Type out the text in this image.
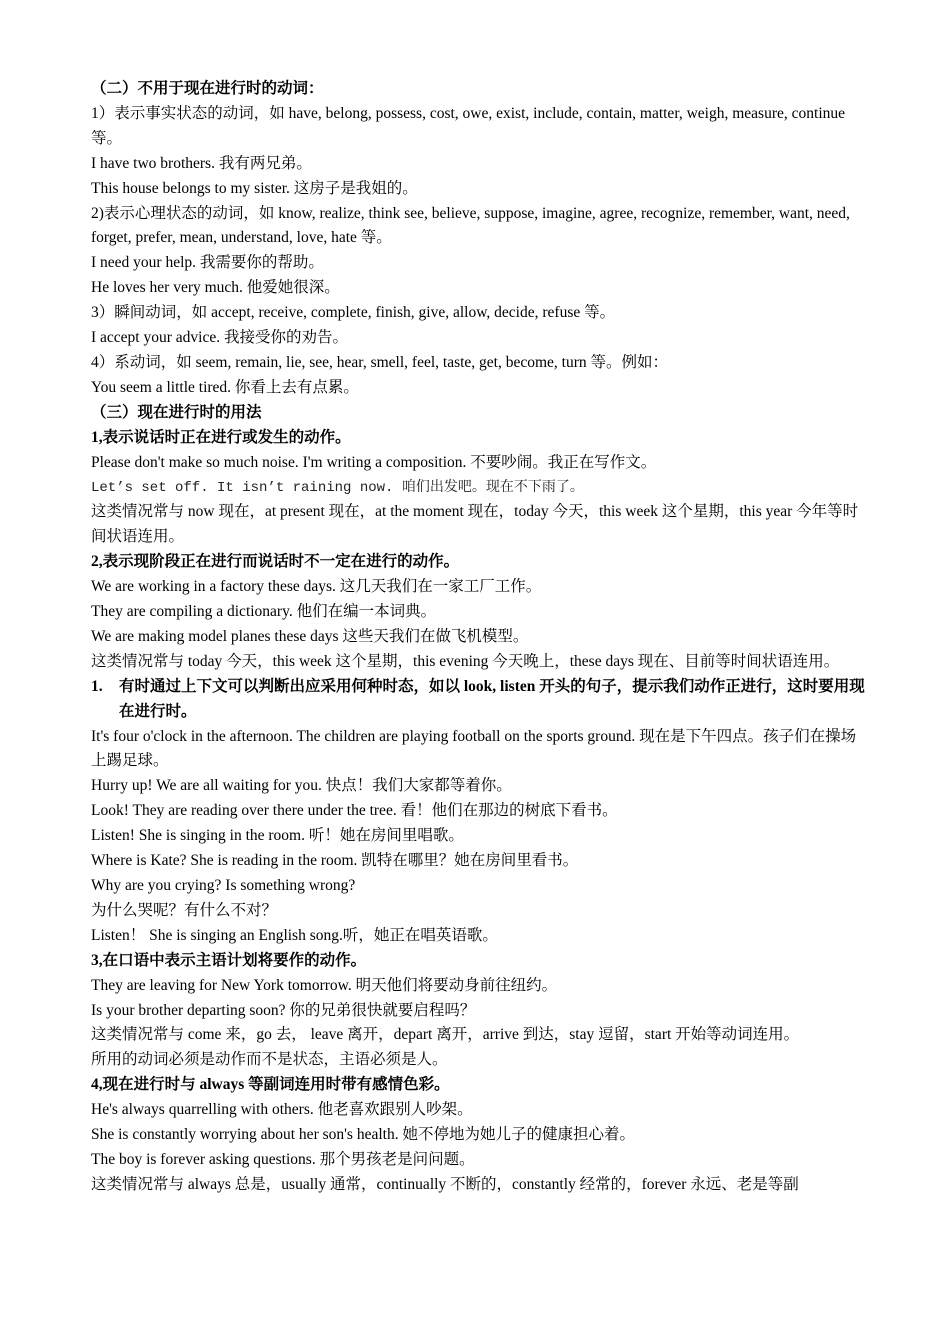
（二）不用于现在进行时的动词：

1）表示事实状态的动词，如 have, belong, possess, cost, owe, exist, include, contain, matter, weigh, measure, continue 等。

I have two brothers. 我有两兄弟。

This house belongs to my sister. 这房子是我姐的。

2)表示心理状态的动词，如 know, realize, think see, believe, suppose, imagine, agree, recognize, remember, want, need, forget, prefer, mean, understand, love, hate 等。

I need your help. 我需要你的帮助。

He loves her very much. 他爱她很深。

3）瞬间动词，如 accept, receive, complete, finish, give, allow, decide, refuse 等。

I accept your advice. 我接受你的劝告。

4）系动词，如 seem, remain, lie, see, hear, smell, feel, taste, get, become, turn 等。例如：

You seem a little tired. 你看上去有点累。

（三）现在进行时的用法

1,表示说话时正在进行或发生的动作。

Please don't make so much noise. I'm writing a composition. 不要吵闹。我正在写作文。

Let’s set off. It isn’t raining now. 咱们出发吧。现在不下雨了。

这类情况常与 now 现在，at present 现在，at the moment 现在，today 今天，this week 这个星期，this year 今年等时间状语连用。

2,表示现阶段正在进行而说话时不一定在进行的动作。

We are working in a factory these days. 这几天我们在一家工厂工作。

They are compiling a dictionary. 他们在编一本词典。

We are making model planes these days 这些天我们在做飞机模型。

这类情况常与 today 今天，this week 这个星期，this evening 今天晚上，these days 现在、目前等时间状语连用。

1.	有时通过上下文可以判断出应采用何种时态，如以 look, listen 开头的句子，提示我们动作正进行，这时要用现在进行时。

It's four o'clock in the afternoon. The children are playing football on the sports ground. 现在是下午四点。孩子们在操场上踢足球。

Hurry up! We are all waiting for you. 快点！我们大家都等着你。

Look! They are reading over there under the tree. 看！他们在那边的树底下看书。

Listen! She is singing in the room. 听！她在房间里唱歌。

Where is Kate? She is reading in the room. 凯特在哪里？她在房间里看书。

Why are you crying? Is something wrong?

为什么哭呢？有什么不对？

Listen！ She is singing an English song.听，她正在唱英语歌。

3,在口语中表示主语计划将要作的动作。

They are leaving for New York tomorrow. 明天他们将要动身前往纽约。

Is your brother departing soon? 你的兄弟很快就要启程吗？

这类情况常与 come 来，go 去， leave 离开，depart 离开，arrive 到达，stay 逗留，start 开始等动词连用。

所用的动词必须是动作而不是状态，主语必须是人。

4,现在进行时与 always 等副词连用时带有感情色彩。

He's always quarrelling with others. 他老喜欢跟别人吵架。

She is constantly worrying about her son's health. 她不停地为她儿子的健康担心着。

The boy is forever asking questions. 那个男孩老是问问题。

这类情况常与 always 总是，usually 通常，continually 不断的，constantly 经常的，forever 永远、老是等副
